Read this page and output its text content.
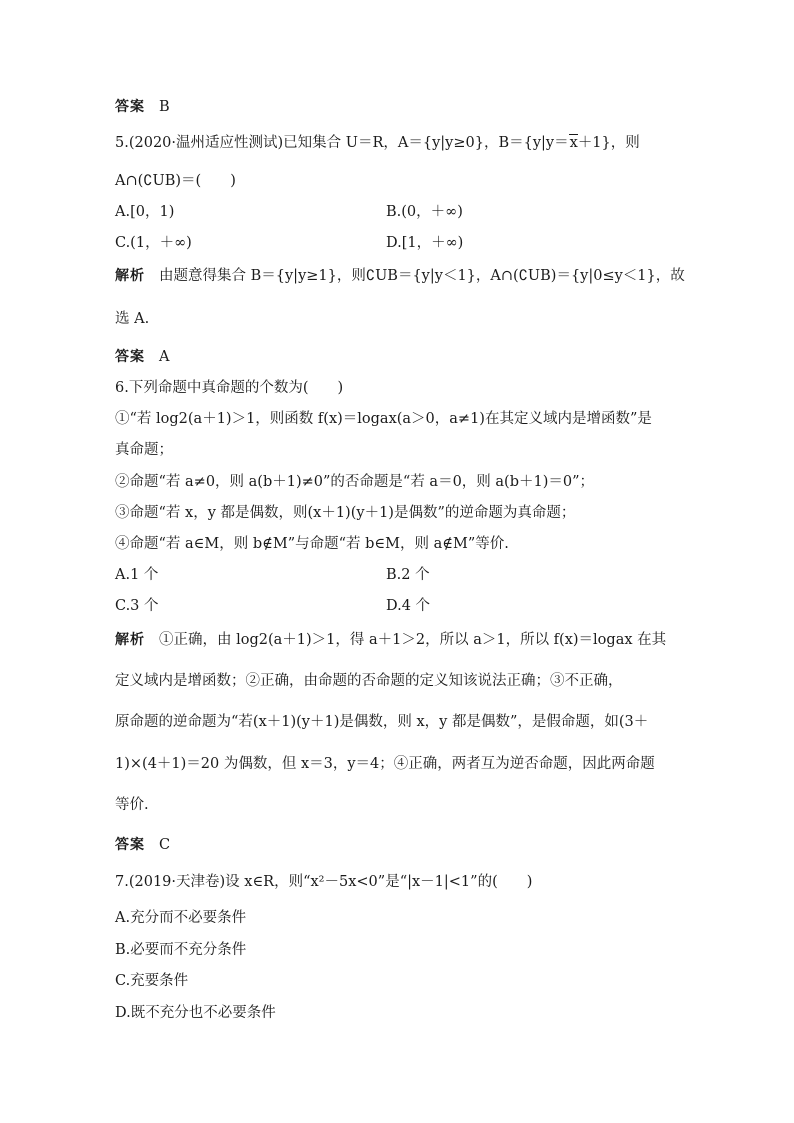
答案 B
5.(2020·温州适应性测试)已知集合 U＝R，A＝{y|y≥0}，B＝{y|y＝x＋1}，则
A∩(∁UB)＝(　　)
A.[0，1)	B.(0，＋∞)
C.(1，＋∞)	D.[1，＋∞)
解析 由题意得集合 B＝{y|y≥1}，则∁UB＝{y|y＜1}，A∩(∁UB)＝{y|0≤y＜1}，故
选 A.
答案 A
6.下列命题中真命题的个数为(　　)
①“若 log2(a＋1)＞1，则函数 f(x)＝logax(a＞0，a≠1)在其定义域内是增函数”是
真命题；
②命题“若 a≠0，则 a(b＋1)≠0”的否命题是“若 a＝0，则 a(b＋1)＝0”；
③命题“若 x，y 都是偶数，则(x＋1)(y＋1)是偶数”的逆命题为真命题；
④命题“若 a∈M，则 b∉M”与命题“若 b∈M，则 a∉M”等价.
A.1 个	B.2 个
C.3 个	D.4 个
解析 ①正确，由 log2(a＋1)＞1，得 a＋1＞2，所以 a＞1，所以 f(x)＝logax 在其
定义域内是增函数；②正确，由命题的否命题的定义知该说法正确；③不正确，
原命题的逆命题为“若(x＋1)(y＋1)是偶数，则 x，y 都是偶数”，是假命题，如(3＋
1)×(4＋1)＝20 为偶数，但 x＝3，y＝4；④正确，两者互为逆否命题，因此两命题
等价.
答案 C
7.(2019·天津卷)设 x∈R，则“x²－5x<0”是“|x－1|<1”的(　　)
A.充分而不必要条件
B.必要而不充分条件
C.充要条件
D.既不充分也不必要条件
